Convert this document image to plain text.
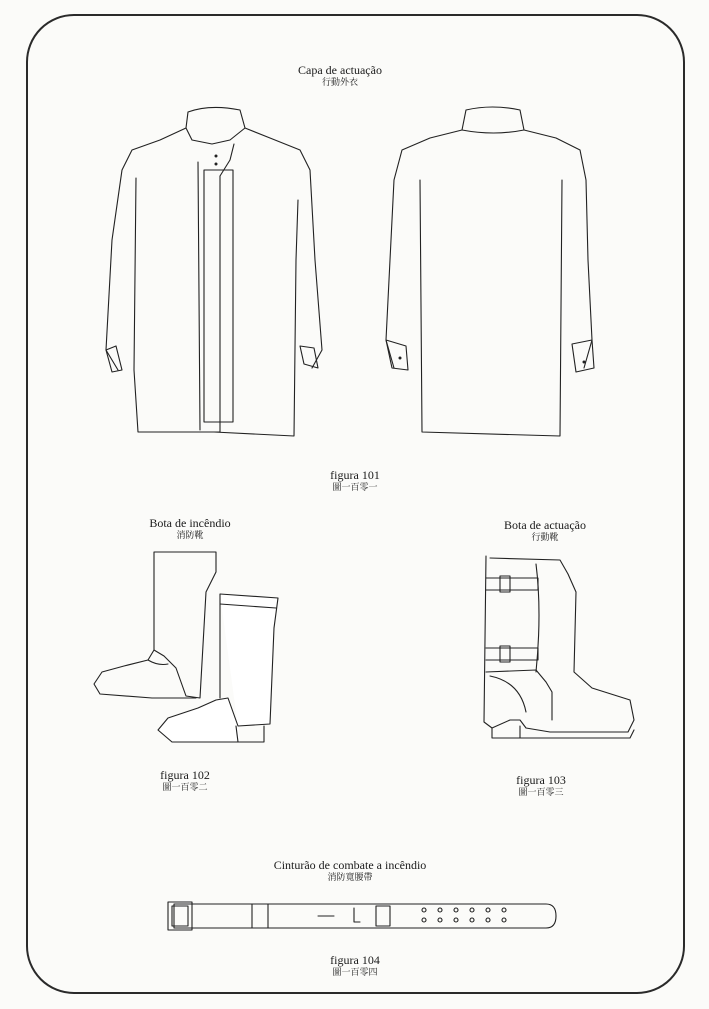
Capa de actuação
行動外衣
figura 101
圖一百零一
Bota de incêndio
消防靴
Bota de actuação
行動靴
figura 102
圖一百零二
figura 103
圖一百零三
Cinturão de combate a incêndio
消防寬腰帶
figura 104
圖一百零四
